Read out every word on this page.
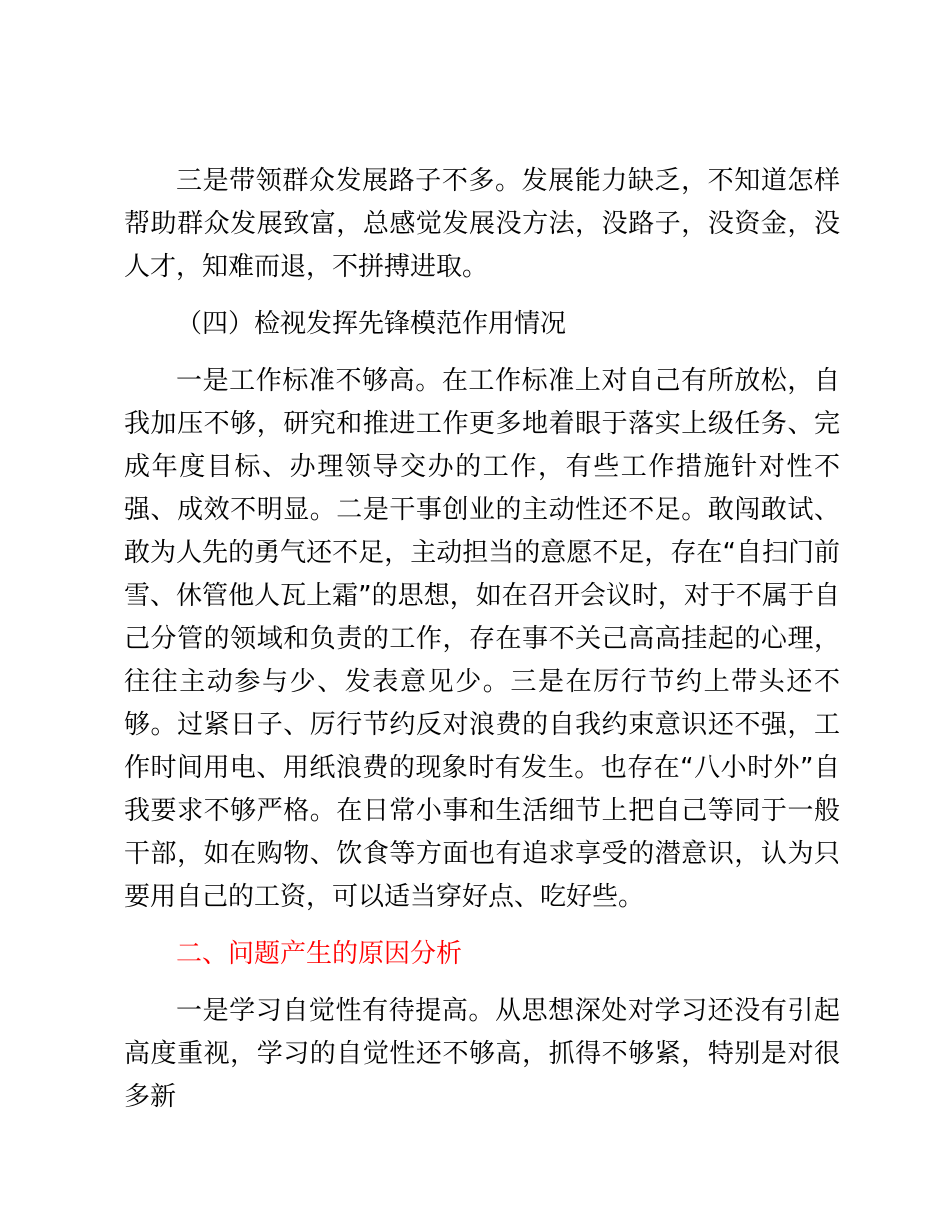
三是带领群众发展路子不多。发展能力缺乏，不知道怎样帮助群众发展致富，总感觉发展没方法，没路子，没资金，没人才，知难而退，不拼搏进取。

（四）检视发挥先锋模范作用情况

一是工作标准不够高。在工作标准上对自己有所放松，自我加压不够，研究和推进工作更多地着眼于落实上级任务、完成年度目标、办理领导交办的工作，有些工作措施针对性不强、成效不明显。二是干事创业的主动性还不足。敢闯敢试、敢为人先的勇气还不足，主动担当的意愿不足，存在“自扫门前雪、休管他人瓦上霜”的思想，如在召开会议时，对于不属于自己分管的领域和负责的工作，存在事不关己高高挂起的心理，往往主动参与少、发表意见少。三是在厉行节约上带头还不够。过紧日子、厉行节约反对浪费的自我约束意识还不强，工作时间用电、用纸浪费的现象时有发生。也存在“八小时外”自我要求不够严格。在日常小事和生活细节上把自己等同于一般干部，如在购物、饮食等方面也有追求享受的潜意识，认为只要用自己的工资，可以适当穿好点、吃好些。

二、问题产生的原因分析

一是学习自觉性有待提高。从思想深处对学习还没有引起高度重视，学习的自觉性还不够高，抓得不够紧，特别是对很多新
